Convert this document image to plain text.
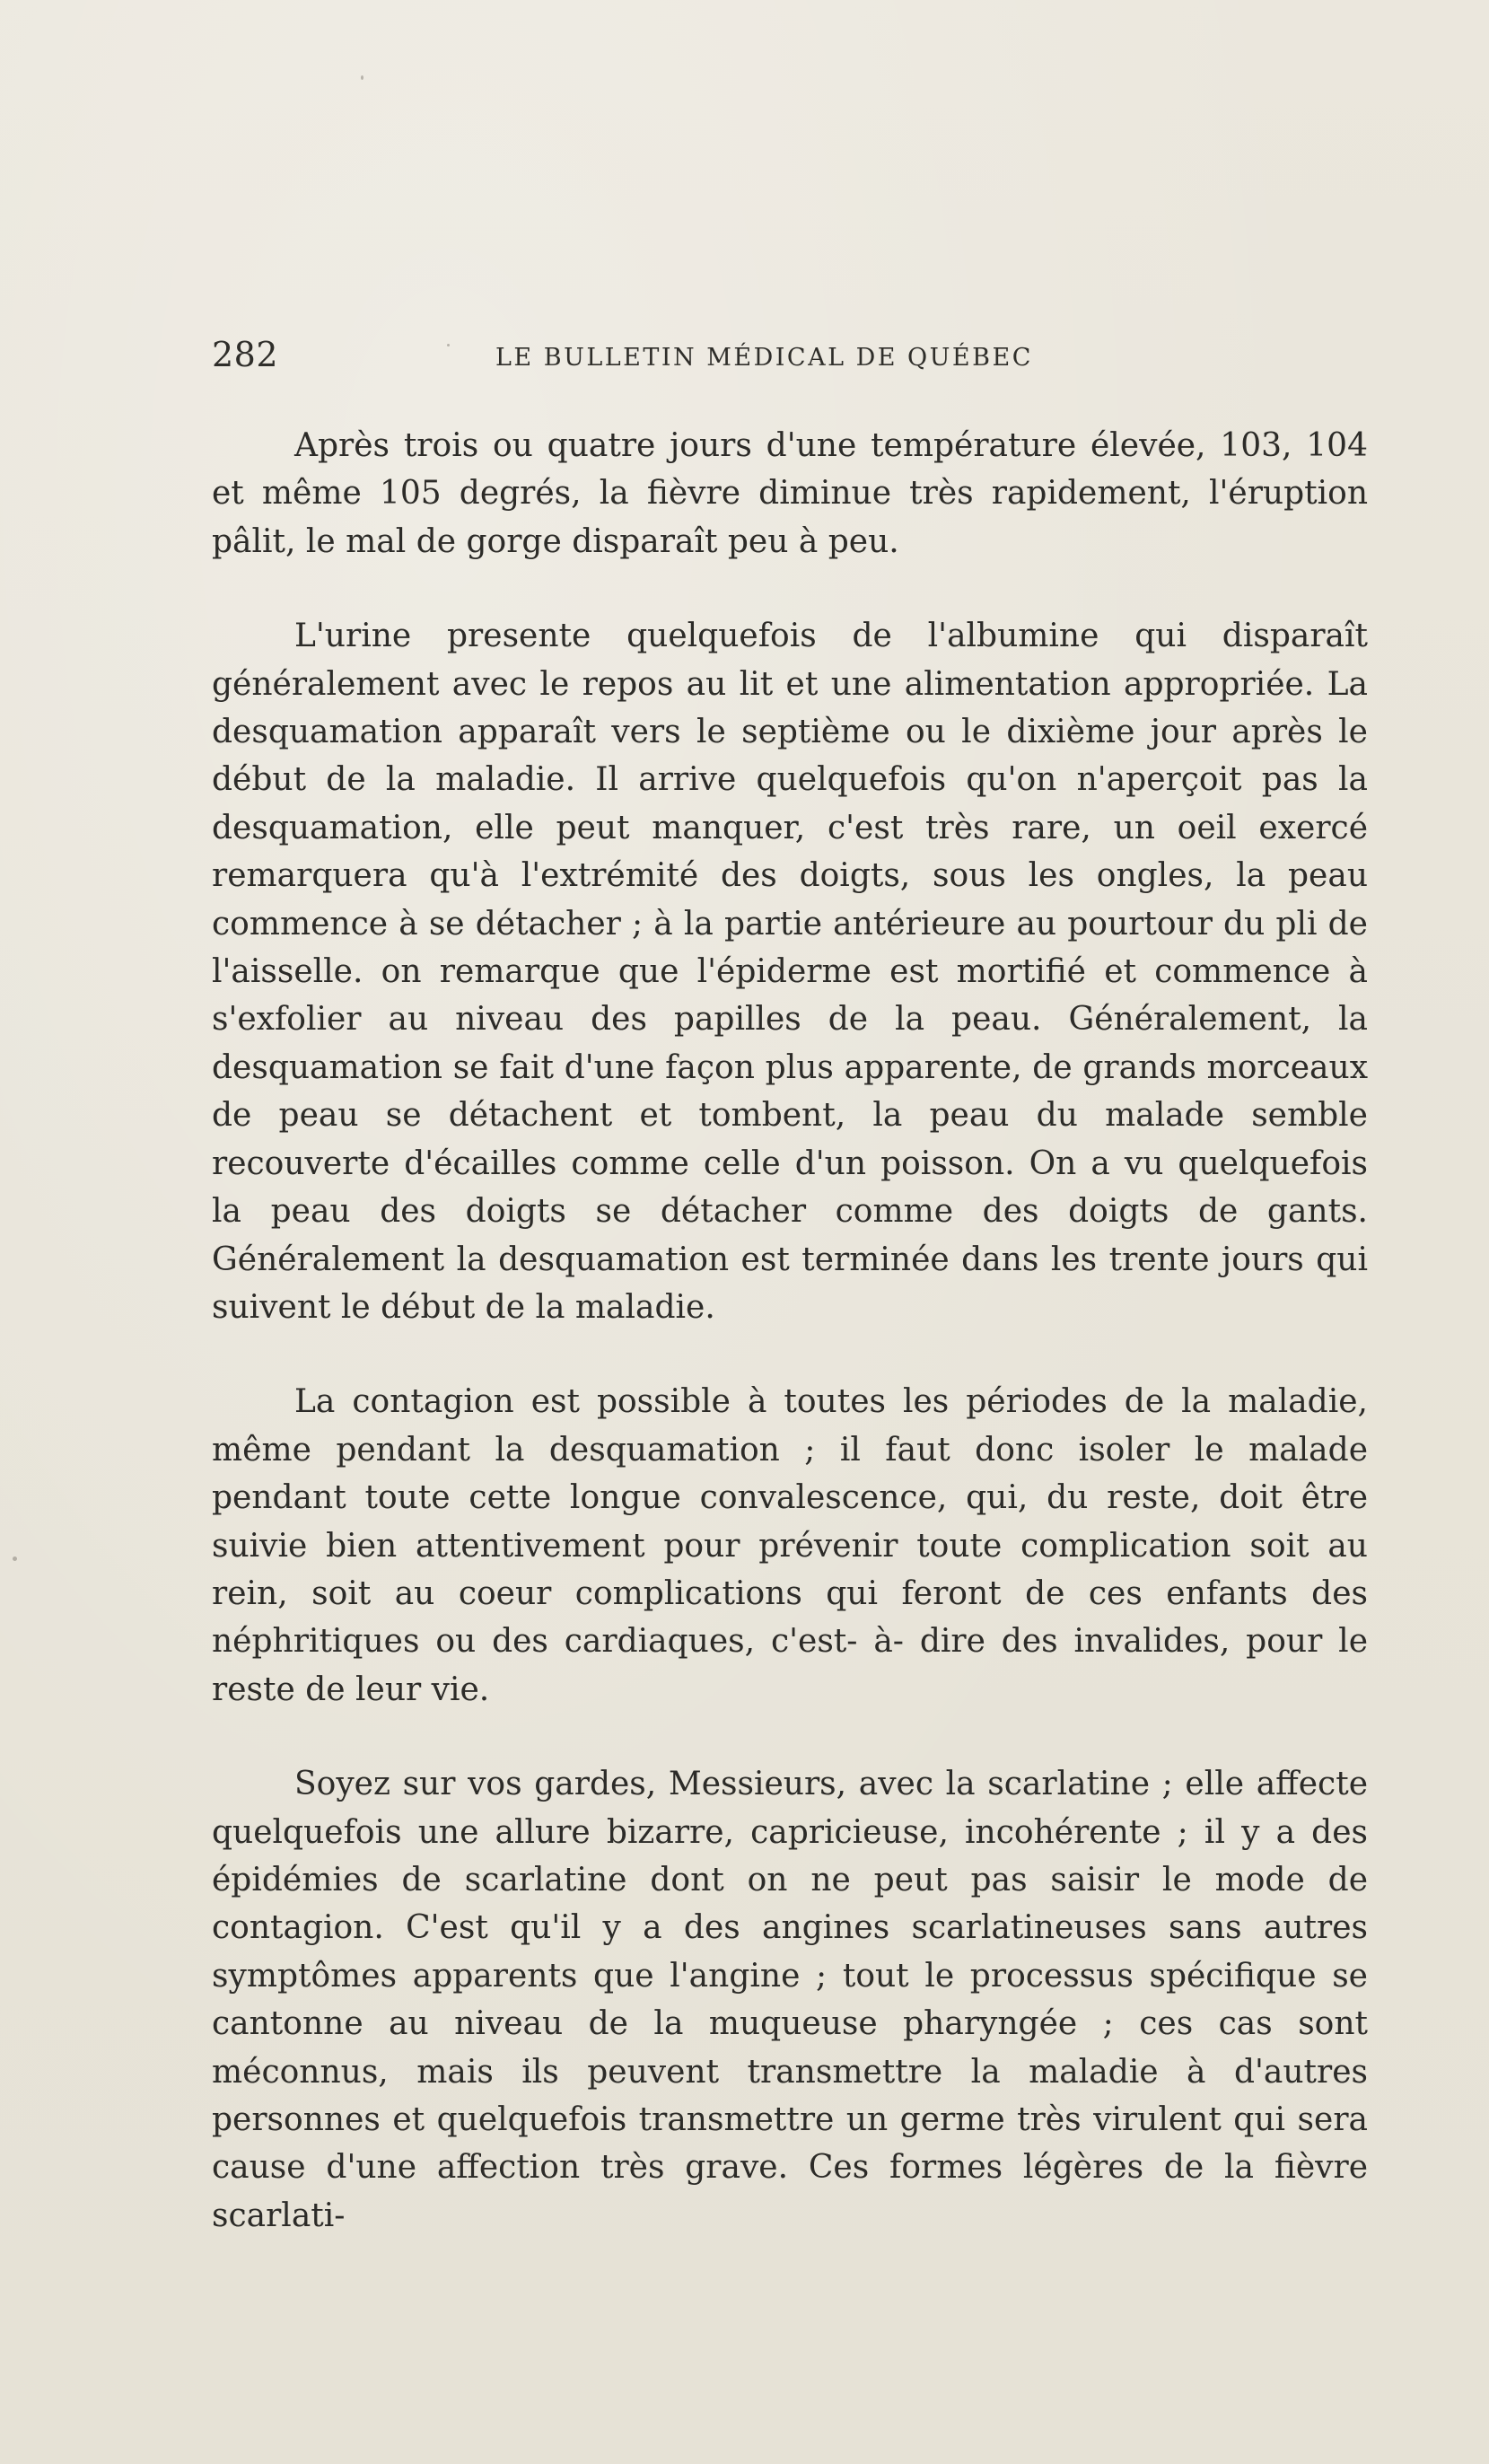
282	LE BULLETIN MÉDICAL DE QUÉBEC

Après trois ou quatre jours d'une température élevée, 103, 104 et même 105 degrés, la fièvre diminue très rapidement, l'éruption pâlit, le mal de gorge disparaît peu à peu.

L'urine presente quelquefois de l'albumine qui disparaît généralement avec le repos au lit et une alimentation appropriée. La desquamation apparaît vers le septième ou le dixième jour après le début de la maladie. Il arrive quelquefois qu'on n'aperçoit pas la desquamation, elle peut manquer, c'est très rare, un oeil exercé remarquera qu'à l'extrémité des doigts, sous les ongles, la peau commence à se détacher ; à la partie antérieure au pourtour du pli de l'aisselle. on remarque que l'épiderme est mortifié et commence à s'exfolier au niveau des papilles de la peau. Généralement, la desquamation se fait d'une façon plus apparente, de grands morceaux de peau se détachent et tombent, la peau du malade semble recouverte d'écailles comme celle d'un poisson. On a vu quelquefois la peau des doigts se détacher comme des doigts de gants. Généralement la desquamation est terminée dans les trente jours qui suivent le début de la maladie.

La contagion est possible à toutes les périodes de la maladie, même pendant la desquamation ; il faut donc isoler le malade pendant toute cette longue convalescence, qui, du reste, doit être suivie bien attentivement pour prévenir toute complication soit au rein, soit au coeur complications qui feront de ces enfants des néphritiques ou des cardiaques, c'est- à- dire des invalides, pour le reste de leur vie.

Soyez sur vos gardes, Messieurs, avec la scarlatine ; elle affecte quelquefois une allure bizarre, capricieuse, incohérente ; il y a des épidémies de scarlatine dont on ne peut pas saisir le mode de contagion. C'est qu'il y a des angines scarlatineuses sans autres symptômes apparents que l'angine ; tout le processus spécifique se cantonne au niveau de la muqueuse pharyngée ; ces cas sont méconnus, mais ils peuvent transmettre la maladie à d'autres personnes et quelquefois transmettre un germe très virulent qui sera cause d'une affection très grave. Ces formes légères de la fièvre scarlati-
